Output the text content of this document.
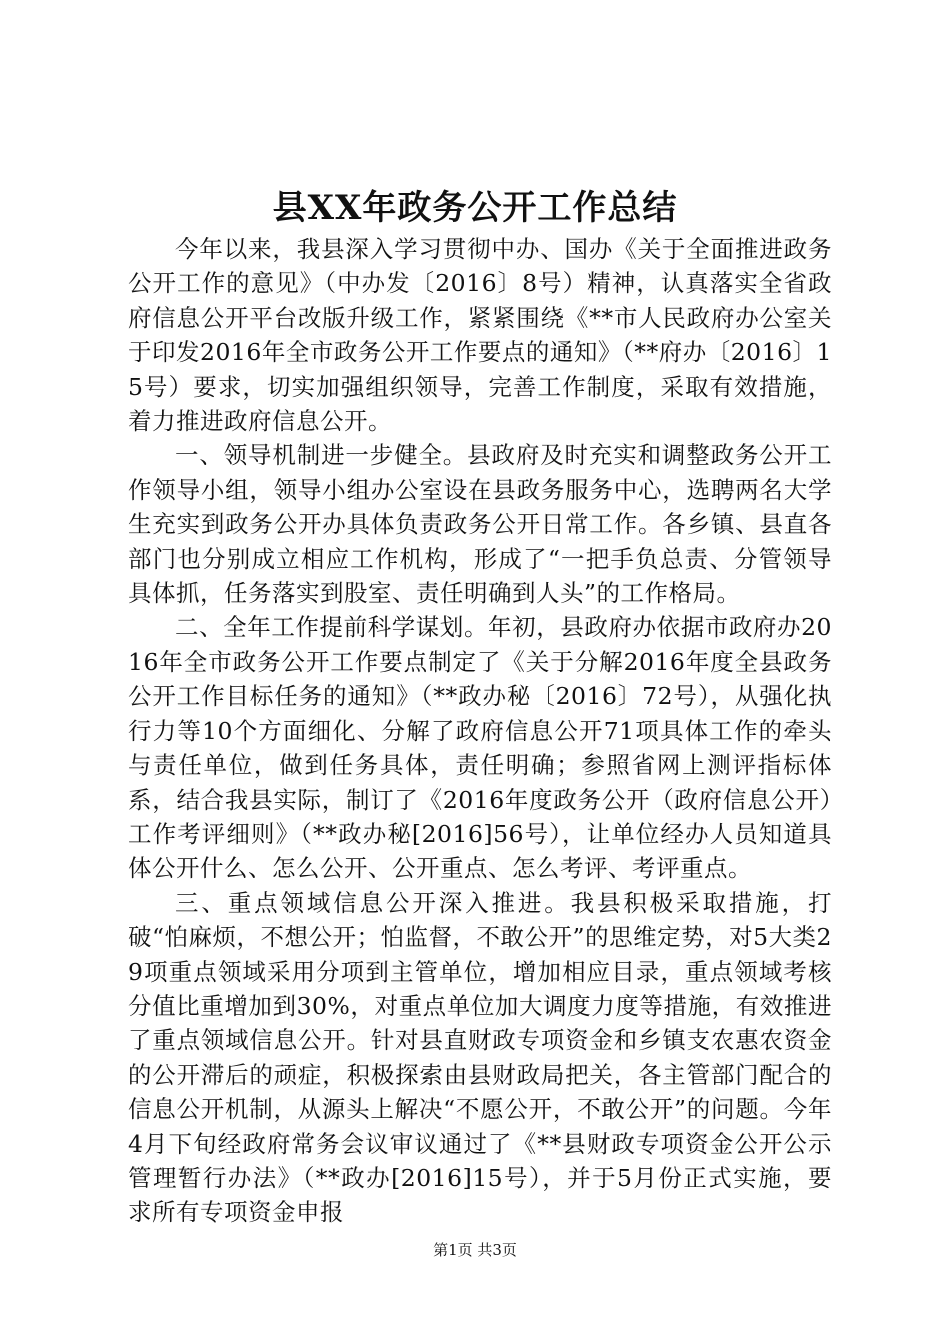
县XX年政务公开工作总结

今年以来，我县深入学习贯彻中办、国办《关于全面推进政务公开工作的意见》（中办发〔2016〕8号）精神，认真落实全省政府信息公开平台改版升级工作，紧紧围绕《**市人民政府办公室关于印发2016年全市政务公开工作要点的通知》（**府办〔2016〕15号）要求，切实加强组织领导，完善工作制度，采取有效措施，着力推进政府信息公开。

一、领导机制进一步健全。县政府及时充实和调整政务公开工作领导小组，领导小组办公室设在县政务服务中心，选聘两名大学生充实到政务公开办具体负责政务公开日常工作。各乡镇、县直各部门也分别成立相应工作机构，形成了“一把手负总责、分管领导具体抓，任务落实到股室、责任明确到人头”的工作格局。

二、全年工作提前科学谋划。年初，县政府办依据市政府办2016年全市政务公开工作要点制定了《关于分解2016年度全县政务公开工作目标任务的通知》（**政办秘〔2016〕72号），从强化执行力等10个方面细化、分解了政府信息公开71项具体工作的牵头与责任单位，做到任务具体，责任明确；参照省网上测评指标体系，结合我县实际，制订了《2016年度政务公开（政府信息公开）工作考评细则》（**政办秘[2016]56号），让单位经办人员知道具体公开什么、怎么公开、公开重点、怎么考评、考评重点。

三、重点领域信息公开深入推进。我县积极采取措施，打破“怕麻烦，不想公开；怕监督，不敢公开”的思维定势，对5大类29项重点领域采用分项到主管单位，增加相应目录，重点领域考核分值比重增加到30%，对重点单位加大调度力度等措施，有效推进了重点领域信息公开。针对县直财政专项资金和乡镇支农惠农资金的公开滞后的顽症，积极探索由县财政局把关，各主管部门配合的信息公开机制，从源头上解决“不愿公开，不敢公开”的问题。今年4月下旬经政府常务会议审议通过了《**县财政专项资金公开公示管理暂行办法》（**政办[2016]15号），并于5月份正式实施，要求所有专项资金申报

第1页 共3页
